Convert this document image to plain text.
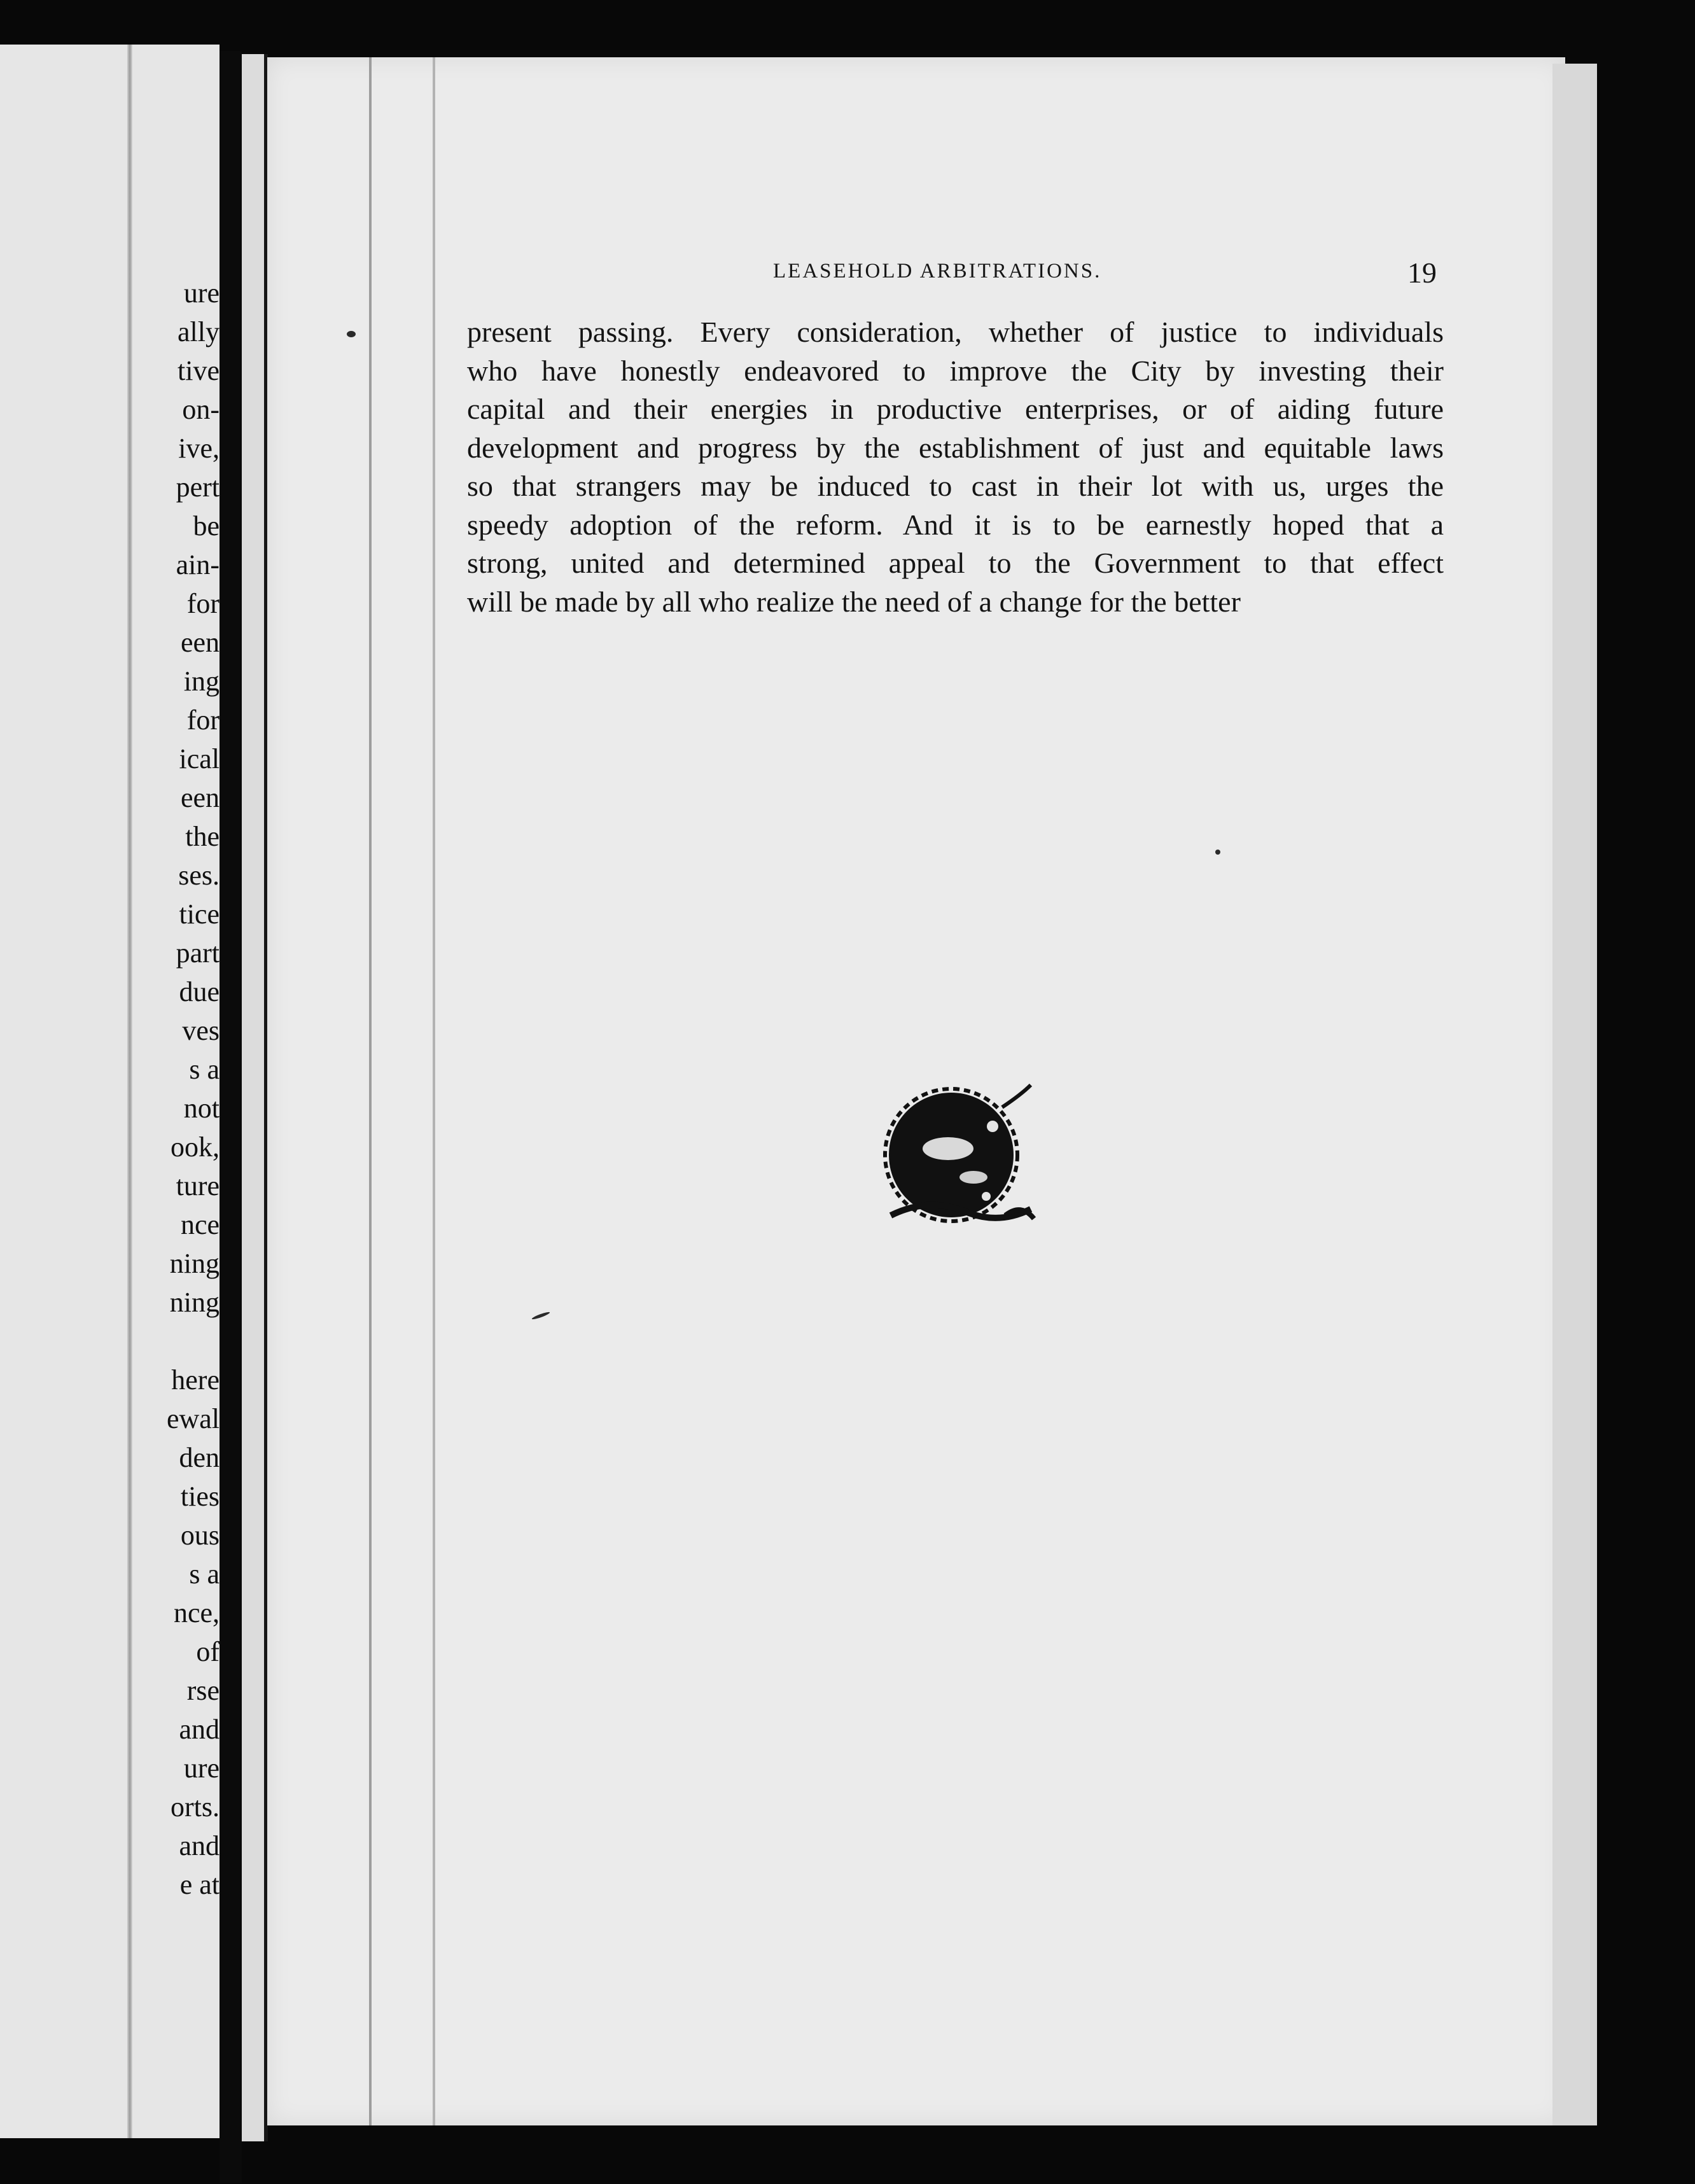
ure
ally
tive
on-
ive,
pert
be
ain-
for
een
ing
for
ical
een
the
ses.
tice
part
due
ves
s a
not
ook,
ture
nce
ning
ning
here
ewal
den
ties
ous
s a
nce,
of
rse
and
ure
orts.
and
e at
LEASEHOLD ARBITRATIONS.	19
present passing. Every consideration, whether of justice to individuals
who have honestly endeavored to improve the City by investing their
capital and their energies in productive enterprises, or of aiding future
development and progress by the establishment of just and equitable laws
so that strangers may be induced to cast in their lot with us, urges the
speedy adoption of the reform. And it is to be earnestly hoped that a
strong, united and determined appeal to the Government to that effect
will be made by all who realize the need of a change for the better
